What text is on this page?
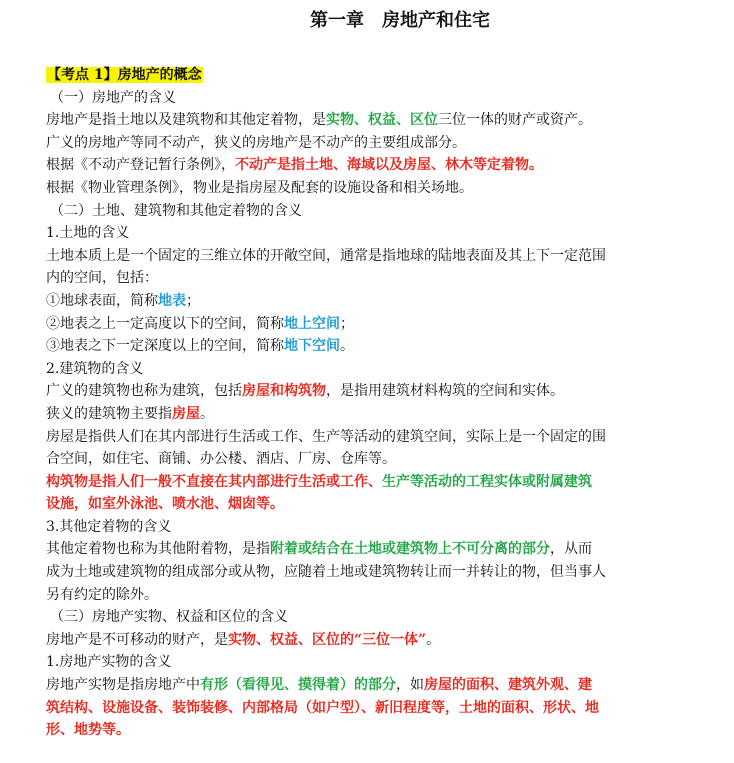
第一章　房地产和住宅
【考点 1】房地产的概念
（一）房地产的含义
房地产是指土地以及建筑物和其他定着物，是实物、权益、区位三位一体的财产或资产。
广义的房地产等同不动产，狭义的房地产是不动产的主要组成部分。
根据《不动产登记暂行条例》，不动产是指土地、海域以及房屋、林木等定着物。
根据《物业管理条例》，物业是指房屋及配套的设施设备和相关场地。
（二）土地、建筑物和其他定着物的含义
1.土地的含义
土地本质上是一个固定的三维立体的开敞空间，通常是指地球的陆地表面及其上下一定范围
内的空间，包括：
①地球表面，简称地表；
②地表之上一定高度以下的空间，简称地上空间；
③地表之下一定深度以上的空间，简称地下空间。
2.建筑物的含义
广义的建筑物也称为建筑，包括房屋和构筑物，是指用建筑材料构筑的空间和实体。
狭义的建筑物主要指房屋。
房屋是指供人们在其内部进行生活或工作、生产等活动的建筑空间，实际上是一个固定的围
合空间，如住宅、商铺、办公楼、酒店、厂房、仓库等。
构筑物是指人们一般不直接在其内部进行生活或工作、生产等活动的工程实体或附属建筑
设施，如室外泳池、喷水池、烟囱等。
3.其他定着物的含义
其他定着物也称为其他附着物，是指附着或结合在土地或建筑物上不可分离的部分，从而
成为土地或建筑物的组成部分或从物，应随着土地或建筑物转让而一并转让的物，但当事人
另有约定的除外。
（三）房地产实物、权益和区位的含义
房地产是不可移动的财产，是实物、权益、区位的“三位一体”。
1.房地产实物的含义
房地产实物是指房地产中有形（看得见、摸得着）的部分，如房屋的面积、建筑外观、建
筑结构、设施设备、装饰装修、内部格局（如户型）、新旧程度等，土地的面积、形状、地
形、地势等。
